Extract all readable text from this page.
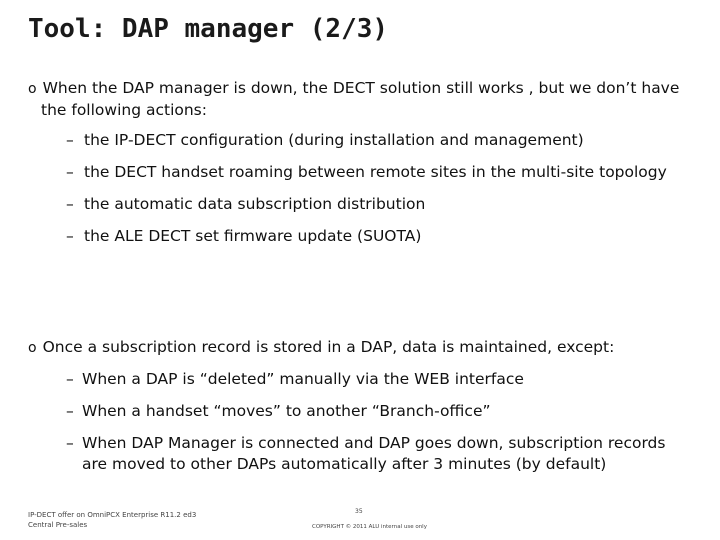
Tool: DAP manager (2/3)
o When the DAP manager is down, the DECT solution still works , but we don’t have
the following actions:
– the IP-DECT configuration (during installation and management)
– the DECT handset roaming between remote sites in the multi-site topology
– the automatic data subscription distribution
– the ALE DECT set firmware update (SUOTA)
o Once a subscription record is stored in a DAP, data is maintained, except:
– When a DAP is “deleted” manually via the WEB interface
– When a handset “moves” to another “Branch-office”
– When DAP Manager is connected and DAP goes down, subscription records
are moved to other DAPs automatically after 3 minutes (by default)
IP-DECT offer on OmniPCX Enterprise R11.2 ed3
Central Pre-sales
35
COPYRIGHT © 2011 ALU internal use only
